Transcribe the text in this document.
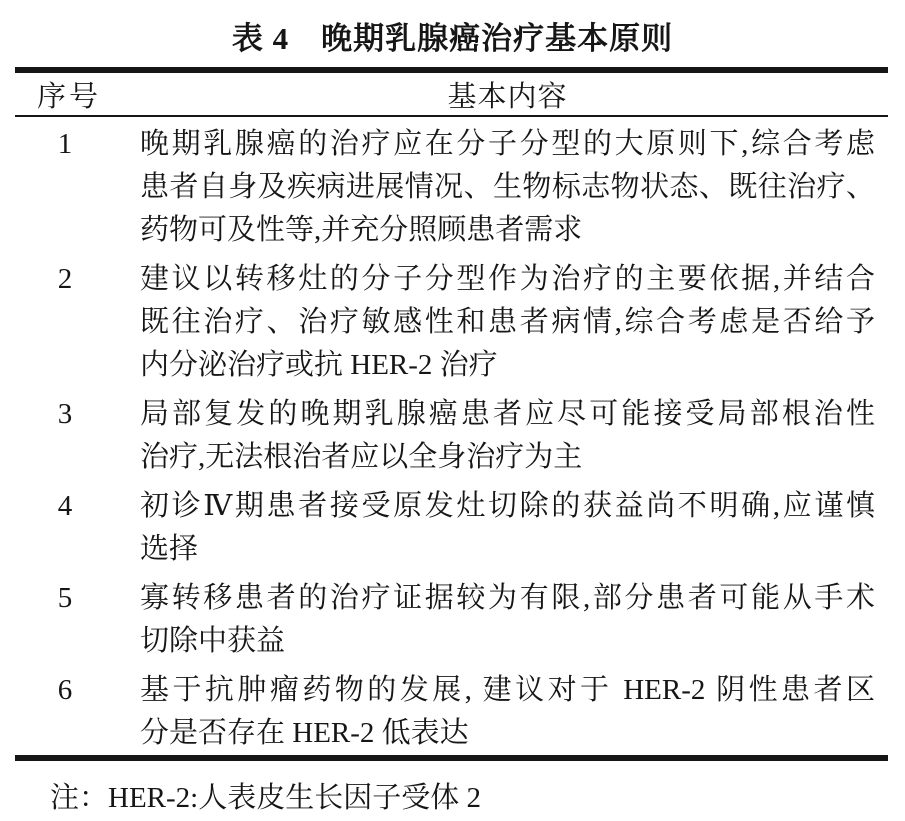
表 4　晚期乳腺癌治疗基本原则
序号	基本内容
1	晚期乳腺癌的治疗应在分子分型的大原则下,综合考虑
患者自身及疾病进展情况、生物标志物状态、既往治疗、
药物可及性等,并充分照顾患者需求
2	建议以转移灶的分子分型作为治疗的主要依据,并结合
既往治疗、治疗敏感性和患者病情,综合考虑是否给予
内分泌治疗或抗 HER-2 治疗
3	局部复发的晚期乳腺癌患者应尽可能接受局部根治性
治疗,无法根治者应以全身治疗为主
4	初诊Ⅳ期患者接受原发灶切除的获益尚不明确,应谨慎
选择
5	寡转移患者的治疗证据较为有限,部分患者可能从手术
切除中获益
6	基于抗肿瘤药物的发展, 建议对于 HER-2 阴性患者区
分是否存在 HER-2 低表达
注：HER-2:人表皮生长因子受体 2
